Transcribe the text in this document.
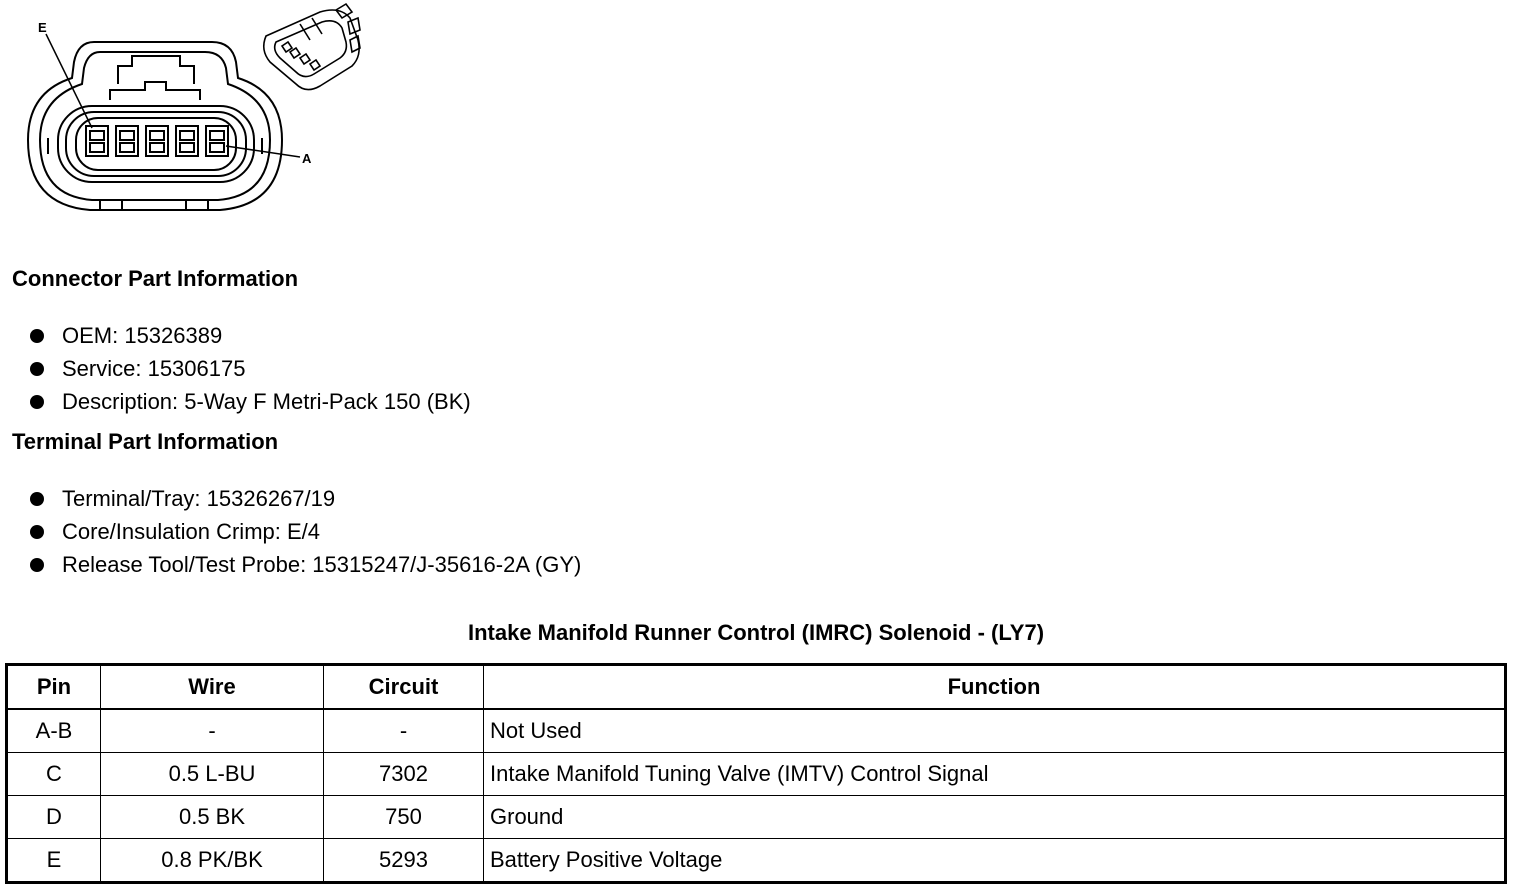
E
A
Connector Part Information
OEM: 15326389
Service: 15306175
Description: 5-Way F Metri-Pack 150 (BK)
Terminal Part Information
Terminal/Tray: 15326267/19
Core/Insulation Crimp: E/4
Release Tool/Test Probe: 15315247/J-35616-2A (GY)
Intake Manifold Runner Control (IMRC) Solenoid - (LY7)
Pin	Wire	Circuit	Function
A-B	-	-	Not Used
C	0.5 L-BU	7302	Intake Manifold Tuning Valve (IMTV) Control Signal
D	0.5 BK	750	Ground
E	0.8 PK/BK	5293	Battery Positive Voltage
